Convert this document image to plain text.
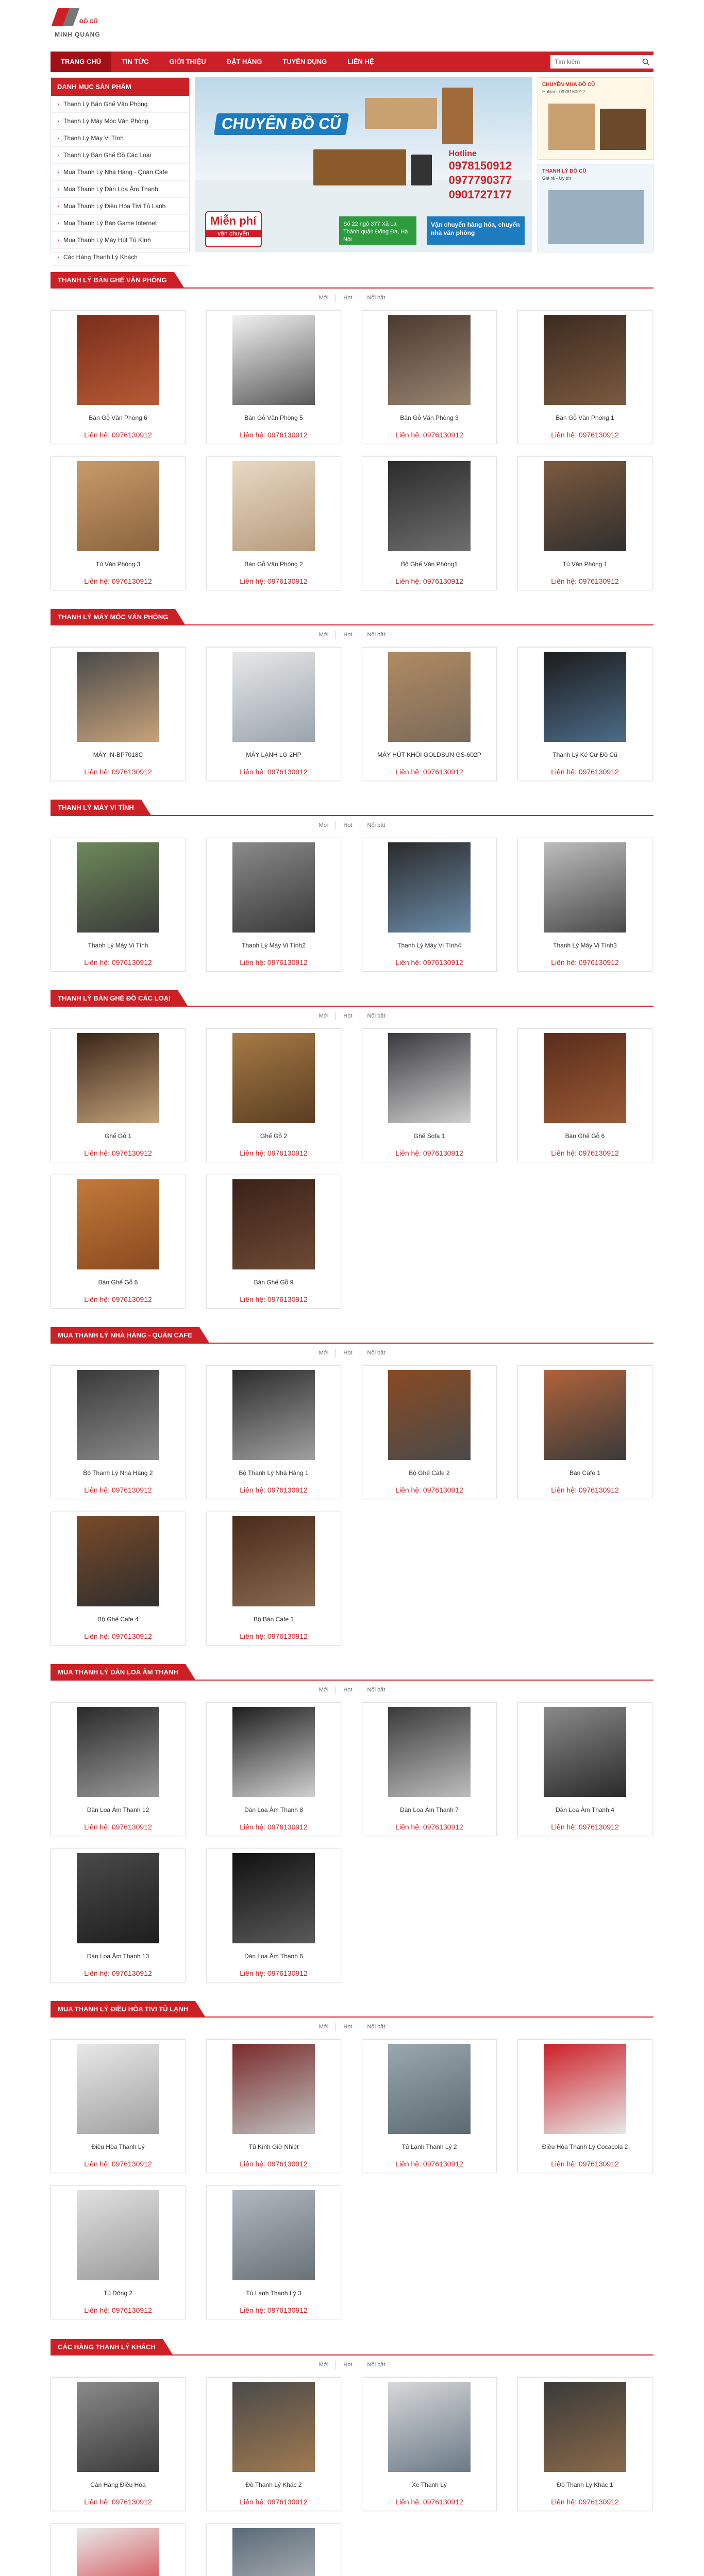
ĐỒ CŨ
MINH QUANG
TRANG CHỦ	TIN TỨC	GIỚI THIỆU	ĐẶT HÀNG	TUYỂN DỤNG	LIÊN HỆ
Tìm kiếm
DANH MỤC SẢN PHẨM
› Thanh Lý Bàn Ghế Văn Phòng
› Thanh Lý Máy Móc Văn Phòng
› Thanh Lý Máy Vi Tính
› Thanh Lý Bàn Ghế Đồ Các Loại
› Mua Thanh Lý Nhà Hàng - Quán Cafe
› Mua Thanh Lý Dàn Loa Âm Thanh
› Mua Thanh Lý Điều Hòa Tivi Tủ Lạnh
› Mua Thanh Lý Bàn Game Internet
› Mua Thanh Lý Máy Hút Tủ Kính
› Các Hàng Thanh Lý Khách
CHUYÊN ĐỒ CŨ
Hotline
0978150912
0977790377
0901727177
Miễn phí
vận chuyển
Số 22 ngõ 377 Xã La Thành quận Đống Đa, Hà Nội
Vận chuyển hàng hóa, chuyển nhà văn phòng
CHUYÊN MUA ĐỒ CŨ
Hotline: 0978150912
THANH LÝ ĐỒ CŨ
Giá rẻ - Uy tín
THANH LÝ BÀN GHẾ VĂN PHÒNG
Mới	Hot	Nổi bật
Bàn Gỗ Văn Phòng 6
Liên hệ: 0976130912
Bàn Gỗ Văn Phòng 5
Liên hệ: 0976130912
Bàn Gỗ Văn Phòng 3
Liên hệ: 0976130912
Bàn Gỗ Văn Phòng 1
Liên hệ: 0976130912
Tủ Văn Phòng 3
Liên hệ: 0976130912
Bàn Gỗ Văn Phòng 2
Liên hệ: 0976130912
Bộ Ghế Văn Phòng1
Liên hệ: 0976130912
Tủ Văn Phòng 1
Liên hệ: 0976130912
THANH LÝ MÁY MÓC VĂN PHÒNG
Mới	Hot	Nổi bật
MÁY IN-BP7018C
Liên hệ: 0976130912
MÁY LẠNH LG 2HP
Liên hệ: 0976130912
MÁY HÚT KHÓI GOLDSUN GS-602P
Liên hệ: 0976130912
Thanh Lý Ké Cừ Đồ Cũ
Liên hệ: 0976130912
THANH LÝ MÁY VI TÍNH
Mới	Hot	Nổi bật
Thanh Lý Máy Vi Tính
Liên hệ: 0976130912
Thanh Lý Máy Vi Tính2
Liên hệ: 0976130912
Thanh Lý Máy Vi Tính4
Liên hệ: 0976130912
Thanh Lý Máy Vi Tính3
Liên hệ: 0976130912
THANH LÝ BÀN GHẾ ĐỒ CÁC LOẠI
Mới	Hot	Nổi bật
Ghế Gỗ 1
Liên hệ: 0976130912
Ghế Gỗ 2
Liên hệ: 0976130912
Ghế Sofa 1
Liên hệ: 0976130912
Bàn Ghế Gỗ 6
Liên hệ: 0976130912
Bàn Ghế Gỗ 8
Liên hệ: 0976130912
Bàn Ghế Gỗ 9
Liên hệ: 0976130912
MUA THANH LÝ NHÀ HÀNG - QUÁN CAFE
Mới	Hot	Nổi bật
Bộ Thanh Lý Nhà Hàng 2
Liên hệ: 0976130912
Bộ Thanh Lý Nhà Hàng 1
Liên hệ: 0976130912
Bộ Ghế Cafe 2
Liên hệ: 0976130912
Bàn Cafe 1
Liên hệ: 0976130912
Bộ Ghế Cafe 4
Liên hệ: 0976130912
Bộ Bàn Cafe 1
Liên hệ: 0976130912
MUA THANH LÝ DÀN LOA ÂM THANH
Mới	Hot	Nổi bật
Dàn Loa Âm Thanh 12
Liên hệ: 0976130912
Dàn Loa Âm Thanh 8
Liên hệ: 0976130912
Dàn Loa Âm Thanh 7
Liên hệ: 0976130912
Dàn Loa Âm Thanh 4
Liên hệ: 0976130912
Dàn Loa Âm Thanh 13
Liên hệ: 0976130912
Dàn Loa Âm Thanh 6
Liên hệ: 0976130912
MUA THANH LÝ ĐIỀU HÒA TIVI TỦ LẠNH
Mới	Hot	Nổi bật
Điều Hòa Thanh Lý
Liên hệ: 0976130912
Tủ Kính Giữ Nhiệt
Liên hệ: 0976130912
Tủ Lạnh Thanh Lý 2
Liên hệ: 0976130912
Điều Hòa Thanh Lý Cocacola 2
Liên hệ: 0976130912
Tủ Đông 2
Liên hệ: 0976130912
Tủ Lạnh Thanh Lý 3
Liên hệ: 0976130912
CÁC HÀNG THANH LÝ KHÁCH
Mới	Hot	Nổi bật
Cân Hàng Điều Hòa
Liên hệ: 0976130912
Đồ Thanh Lý Khác 2
Liên hệ: 0976130912
Xe Thanh Lý
Liên hệ: 0976130912
Đồ Thanh Lý Khác 1
Liên hệ: 0976130912
